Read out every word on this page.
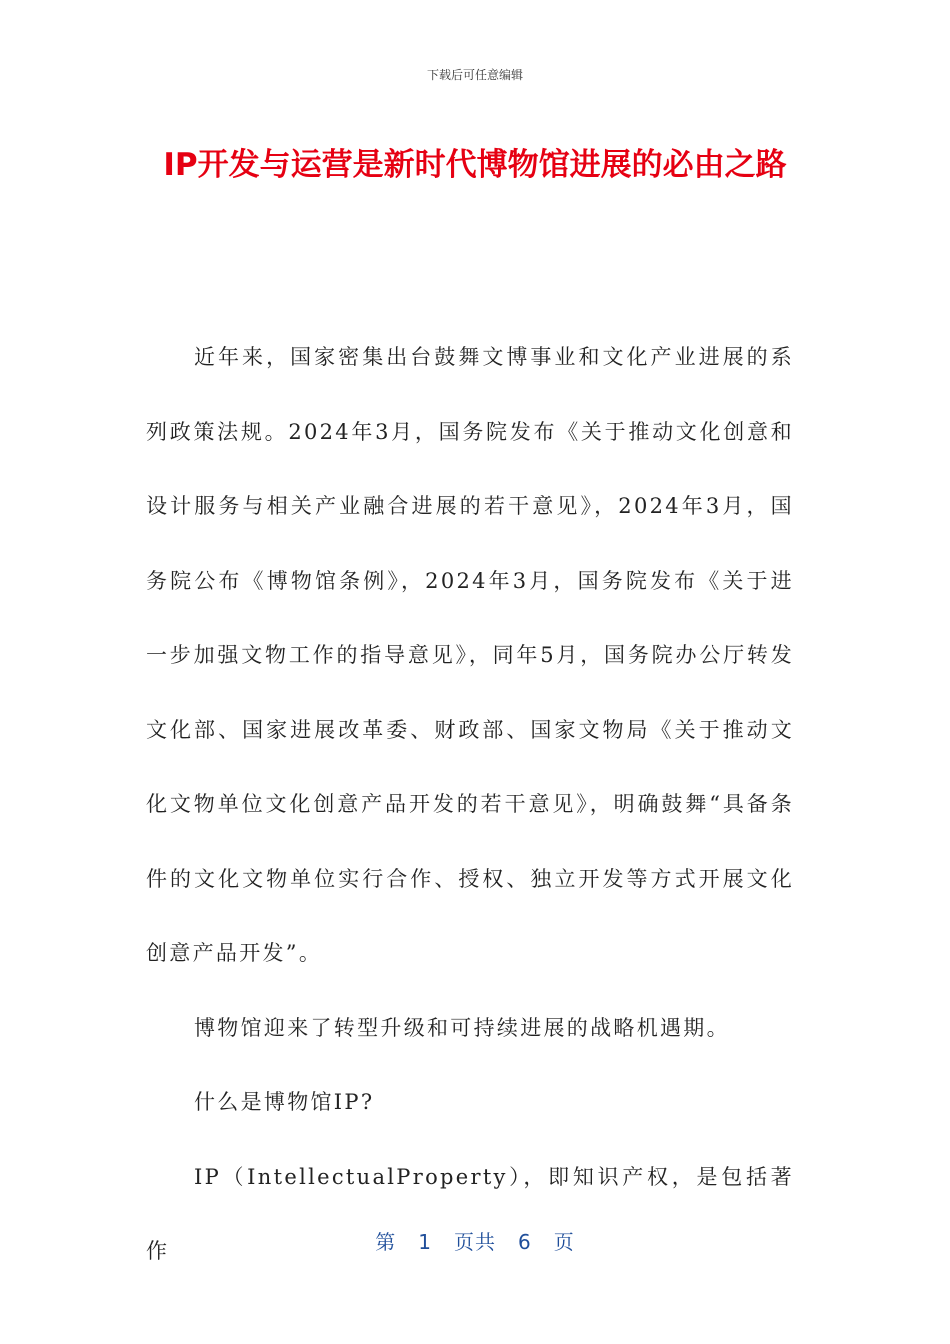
下载后可任意编辑
IP开发与运营是新时代博物馆进展的必由之路

近年来，国家密集出台鼓舞文博事业和文化产业进展的系列政策法规。2024年3月，国务院发布《关于推动文化创意和设计服务与相关产业融合进展的若干意见》，2024年3月，国务院公布《博物馆条例》，2024年3月，国务院发布《关于进一步加强文物工作的指导意见》，同年5月，国务院办公厅转发文化部、国家进展改革委、财政部、国家文物局《关于推动文化文物单位文化创意产品开发的若干意见》，明确鼓舞“具备条件的文化文物单位实行合作、授权、独立开发等方式开展文化创意产品开发”。

博物馆迎来了转型升级和可持续进展的战略机遇期。

什么是博物馆IP?

IP（IntellectualProperty），即知识产权，是包括著作	第 1 页共 6 页
